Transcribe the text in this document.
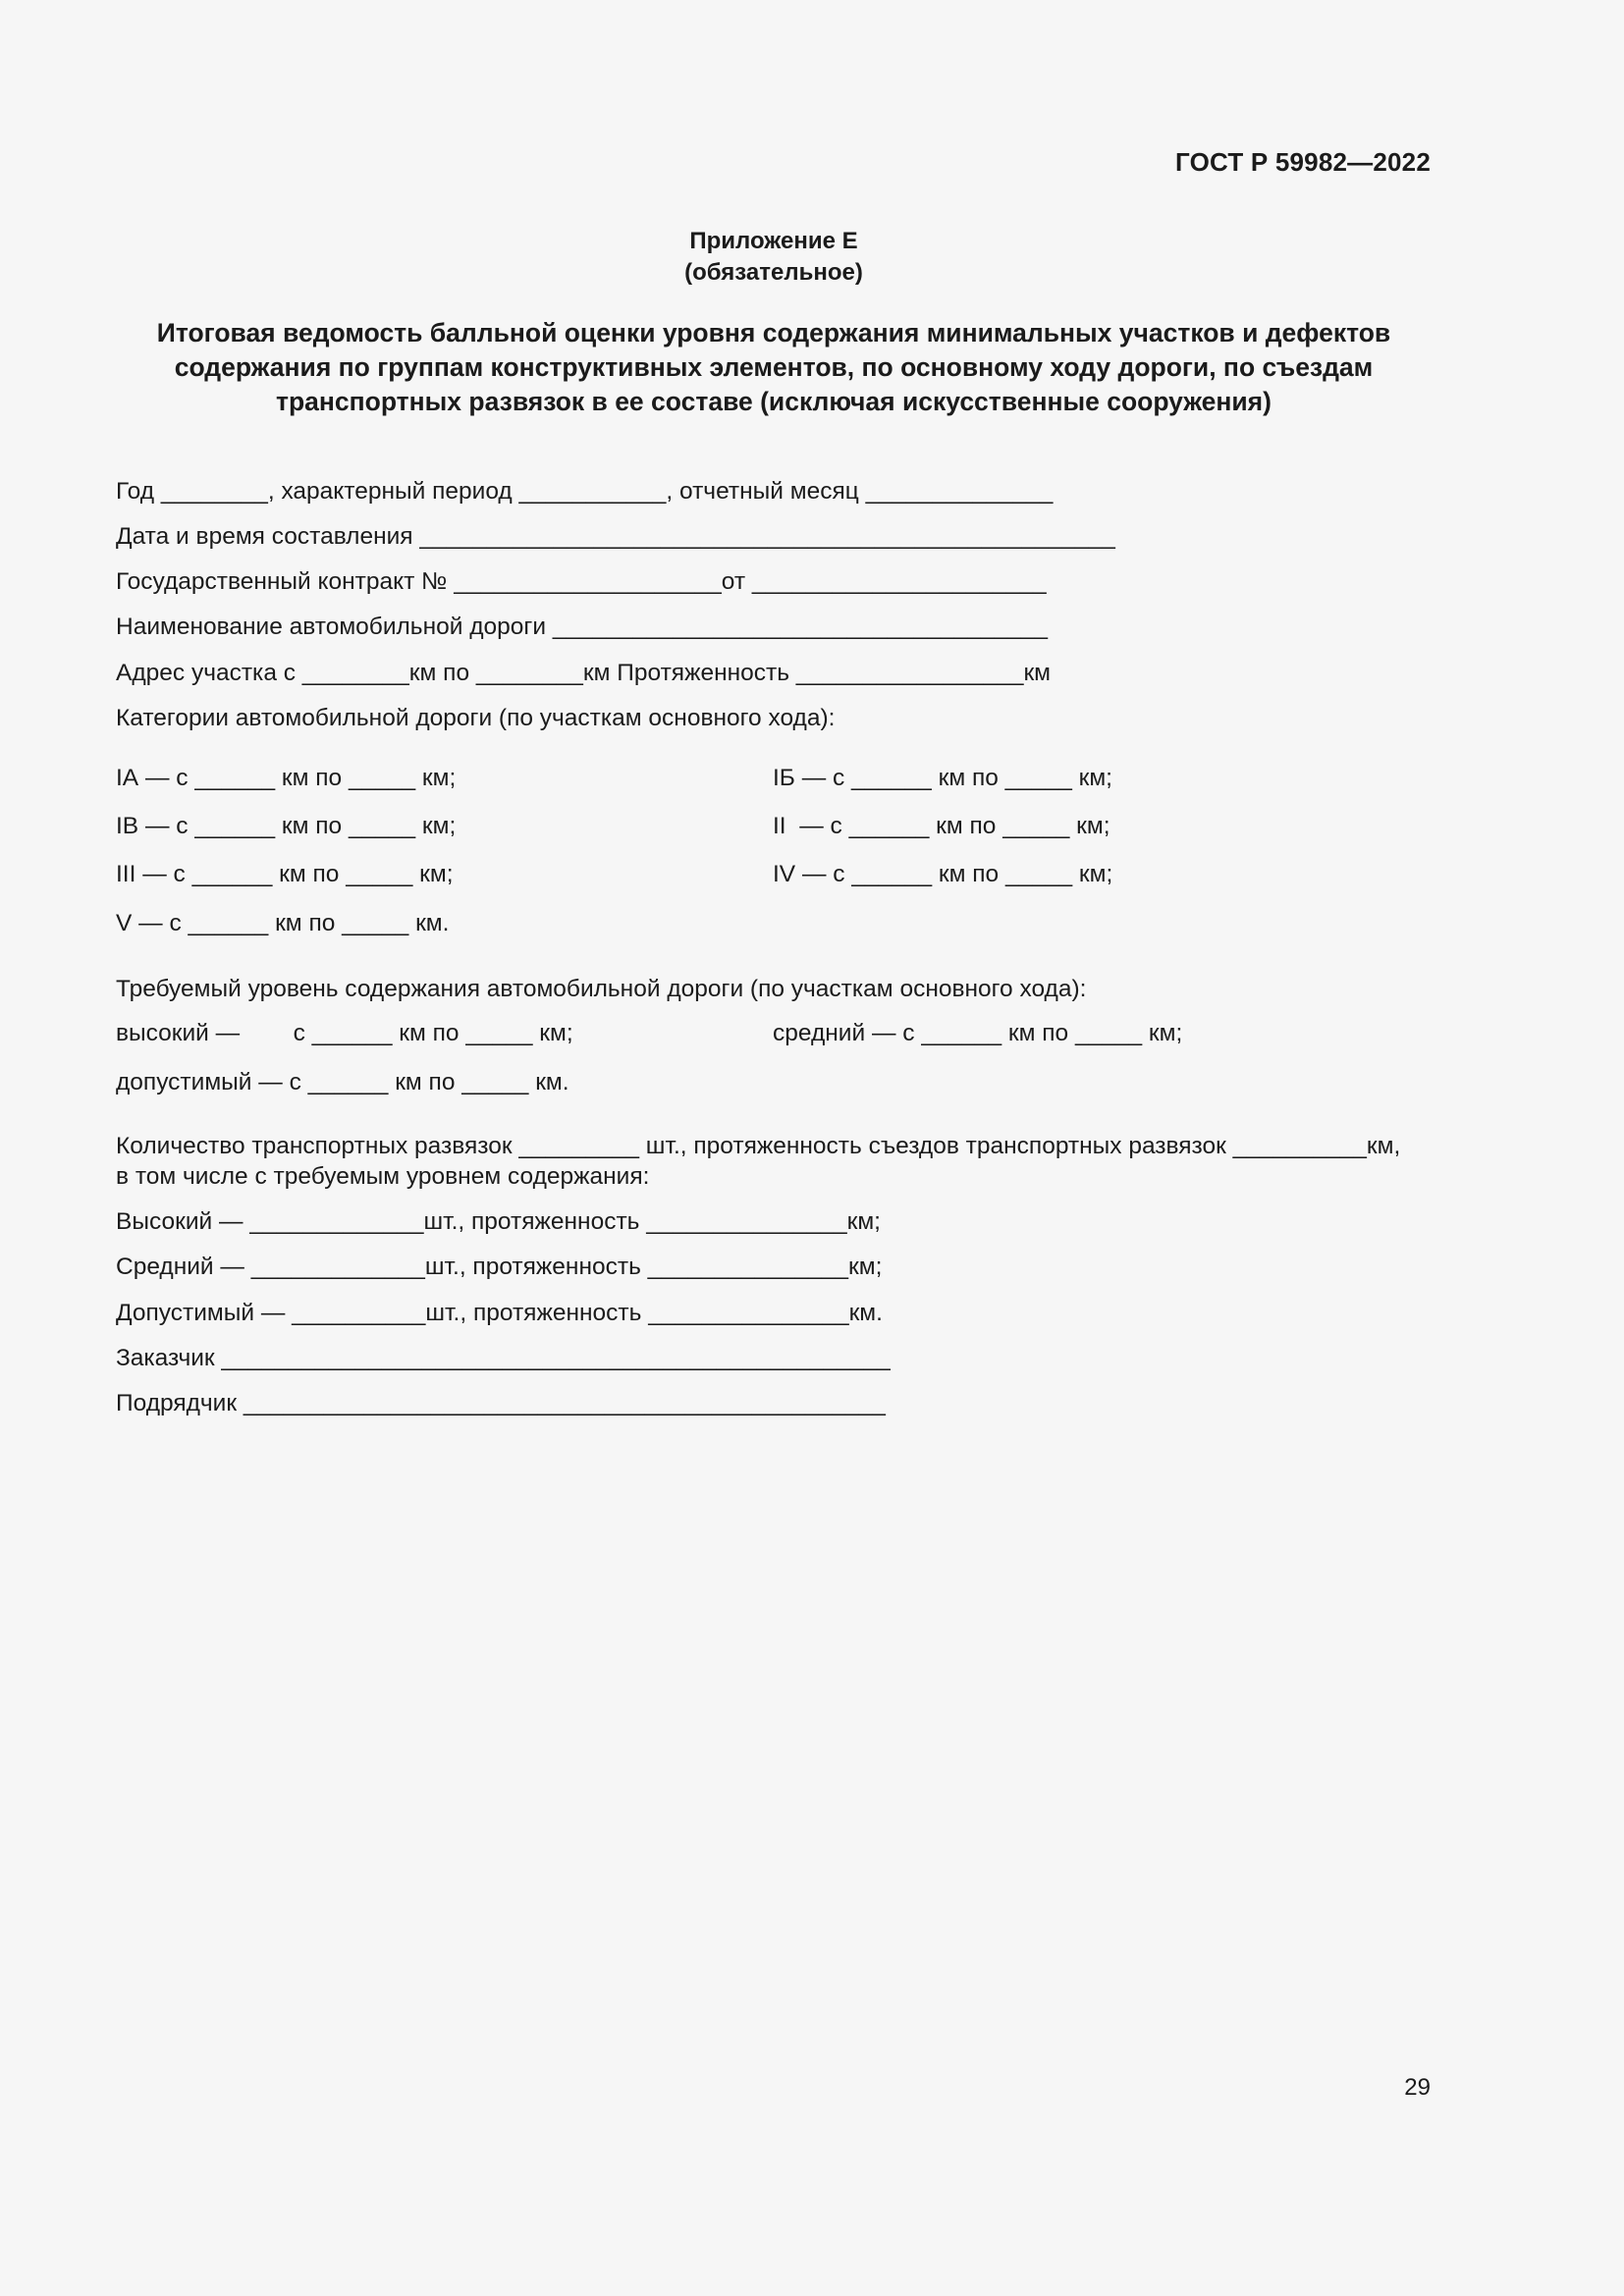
ГОСТ Р 59982—2022
Приложение Е
(обязательное)
Итоговая ведомость балльной оценки уровня содержания минимальных участков и дефектов
содержания по группам конструктивных элементов, по основному ходу дороги, по съездам
транспортных развязок в ее составе (исключая искусственные сооружения)
Год ________, характерный период ___________, отчетный месяц ______________
Дата и время составления ____________________________________________________
Государственный контракт № ____________________от ______________________
Наименование автомобильной дороги _____________________________________
Адрес участка с ________км по ________км Протяженность _________________км
Категории автомобильной дороги (по участкам основного хода):
IА — с ______ км по _____ км;	IБ — с ______ км по _____ км;
IВ — с ______ км по _____ км;	II  — с ______ км по _____ км;
III — с ______ км по _____ км;	IV — с ______ км по _____ км;
V — с ______ км по _____ км.
Требуемый уровень содержания автомобильной дороги (по участкам основного хода):
высокий —        с ______ км по _____ км;	средний — с ______ км по _____ км;
допустимый — с ______ км по _____ км.
Количество транспортных развязок _________ шт., протяженность съездов транспортных развязок __________км,
в том числе с требуемым уровнем содержания:
Высокий — _____________шт., протяженность _______________км;
Средний — _____________шт., протяженность _______________км;
Допустимый — __________шт., протяженность _______________км.
Заказчик __________________________________________________
Подрядчик ________________________________________________
29
